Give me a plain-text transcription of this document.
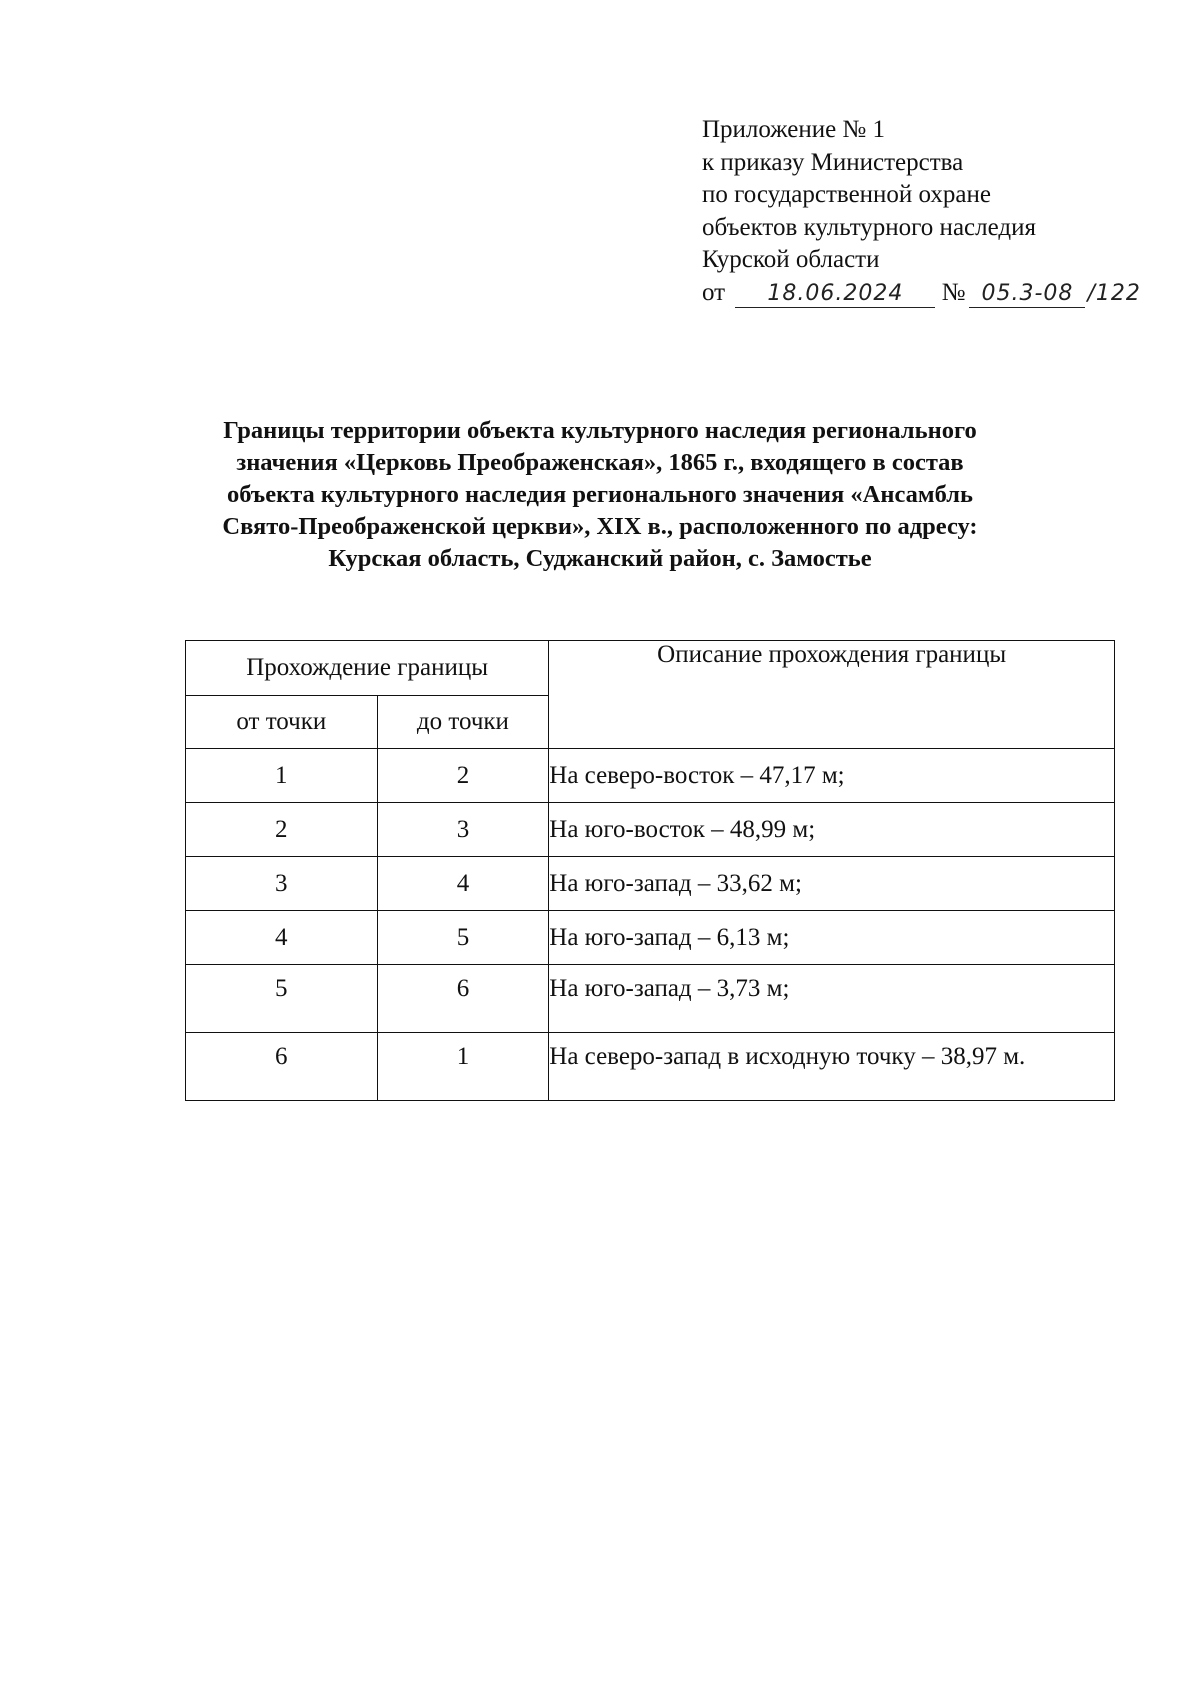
Приложение № 1
к приказу Министерства
по государственной охране
объектов культурного наследия
Курской области
от 18.06.2024 № 05.3-08 /122
Границы территории объекта культурного наследия регионального
значения «Церковь Преображенская», 1865 г., входящего в состав
объекта культурного наследия регионального значения «Ансамбль
Свято-Преображенской церкви», XIX в., расположенного по адресу:
Курская область, Суджанский район, с. Замостье
Прохождение границы		Описание прохождения границы
от точки	до точки	
1	2	На северо-восток – 47,17 м;
2	3	На юго-восток – 48,99 м;
3	4	На юго-запад – 33,62 м;
4	5	На юго-запад – 6,13 м;
5	6	На юго-запад – 3,73 м;
6	1	На северо-запад в исходную точку – 38,97 м.
